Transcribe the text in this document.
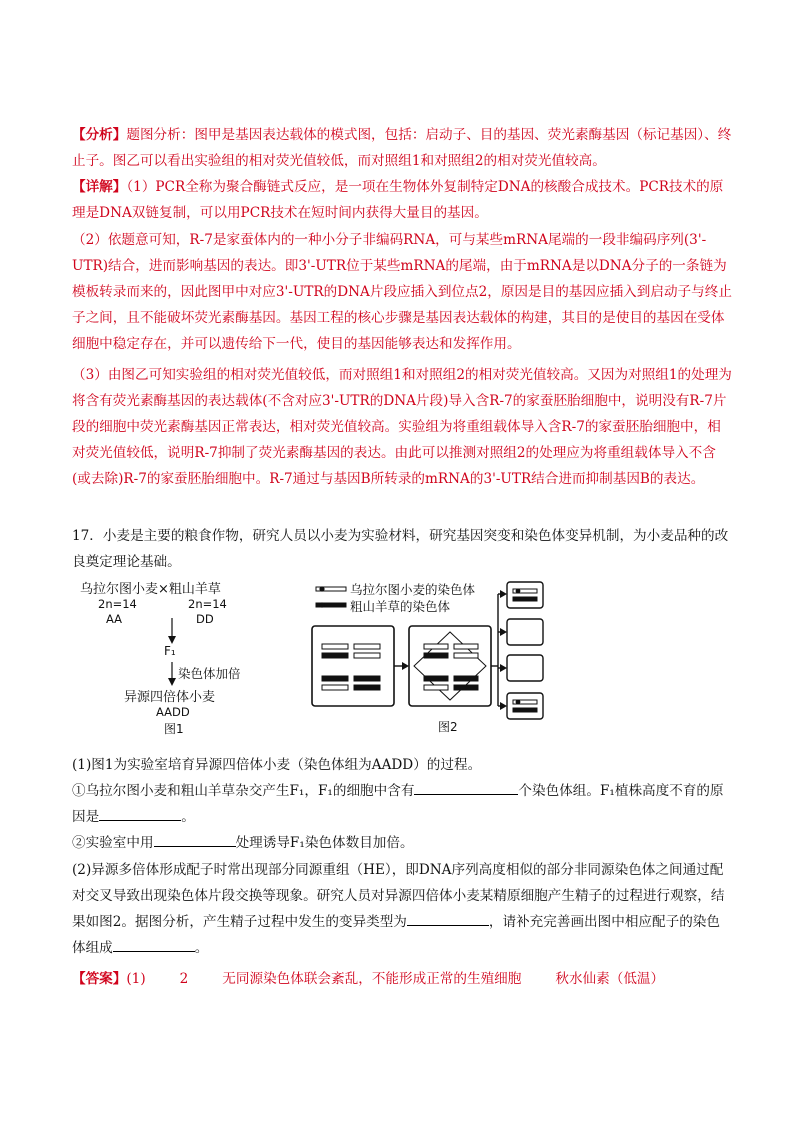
【分析】题图分析：图甲是基因表达载体的模式图，包括：启动子、目的基因、荧光素酶基因（标记基因）、终止子。图乙可以看出实验组的相对荧光值较低，而对照组1和对照组2的相对荧光值较高。
【详解】（1）PCR全称为聚合酶链式反应，是一项在生物体外复制特定DNA的核酸合成技术。PCR技术的原理是DNA双链复制，可以用PCR技术在短时间内获得大量目的基因。
（2）依题意可知，R-7是家蚕体内的一种小分子非编码RNA，可与某些mRNA尾端的一段非编码序列(3'-UTR)结合，进而影响基因的表达。即3'-UTR位于某些mRNA的尾端，由于mRNA是以DNA分子的一条链为模板转录而来的，因此图甲中对应3'-UTR的DNA片段应插入到位点2，原因是目的基因应插入到启动子与终止子之间，且不能破坏荧光素酶基因。基因工程的核心步骤是基因表达载体的构建，其目的是使目的基因在受体细胞中稳定存在，并可以遗传给下一代，使目的基因能够表达和发挥作用。
（3）由图乙可知实验组的相对荧光值较低，而对照组1和对照组2的相对荧光值较高。又因为对照组1的处理为将含有荧光素酶基因的表达载体(不含对应3'-UTR的DNA片段)导入含R-7的家蚕胚胎细胞中，说明没有R-7片段的细胞中荧光素酶基因正常表达，相对荧光值较高。实验组为将重组载体导入含R-7的家蚕胚胎细胞中，相对荧光值较低，说明R-7抑制了荧光素酶基因的表达。由此可以推测对照组2的处理应为将重组载体导入不含(或去除)R-7的家蚕胚胎细胞中。R-7通过与基因B所转录的mRNA的3'-UTR结合进而抑制基因B的表达。
17．小麦是主要的粮食作物，研究人员以小麦为实验材料，研究基因突变和染色体变异机制，为小麦品种的改良奠定理论基础。
乌拉尔图小麦×粗山羊草
2n=14
AA
2n=14
DD
F₁
染色体加倍
异源四倍体小麦
AADD
图1
乌拉尔图小麦的染色体
粗山羊草的染色体
图2
(1)图1为实验室培育异源四倍体小麦（染色体组为AADD）的过程。
①乌拉尔图小麦和粗山羊草杂交产生F₁，F₁的细胞中含有	个染色体组。F₁植株高度不育的原因是	。
②实验室中用	处理诱导F₁染色体数目加倍。
(2)异源多倍体形成配子时常出现部分同源重组（HE），即DNA序列高度相似的部分非同源染色体之间通过配对交叉导致出现染色体片段交换等现象。研究人员对异源四倍体小麦某精原细胞产生精子的过程进行观察，结果如图2。据图分析，产生精子过程中发生的变异类型为	，请补充完善画出图中相应配子的染色体组成	。
【答案】(1)	2	无同源染色体联会紊乱，不能形成正常的生殖细胞	秋水仙素（低温）
